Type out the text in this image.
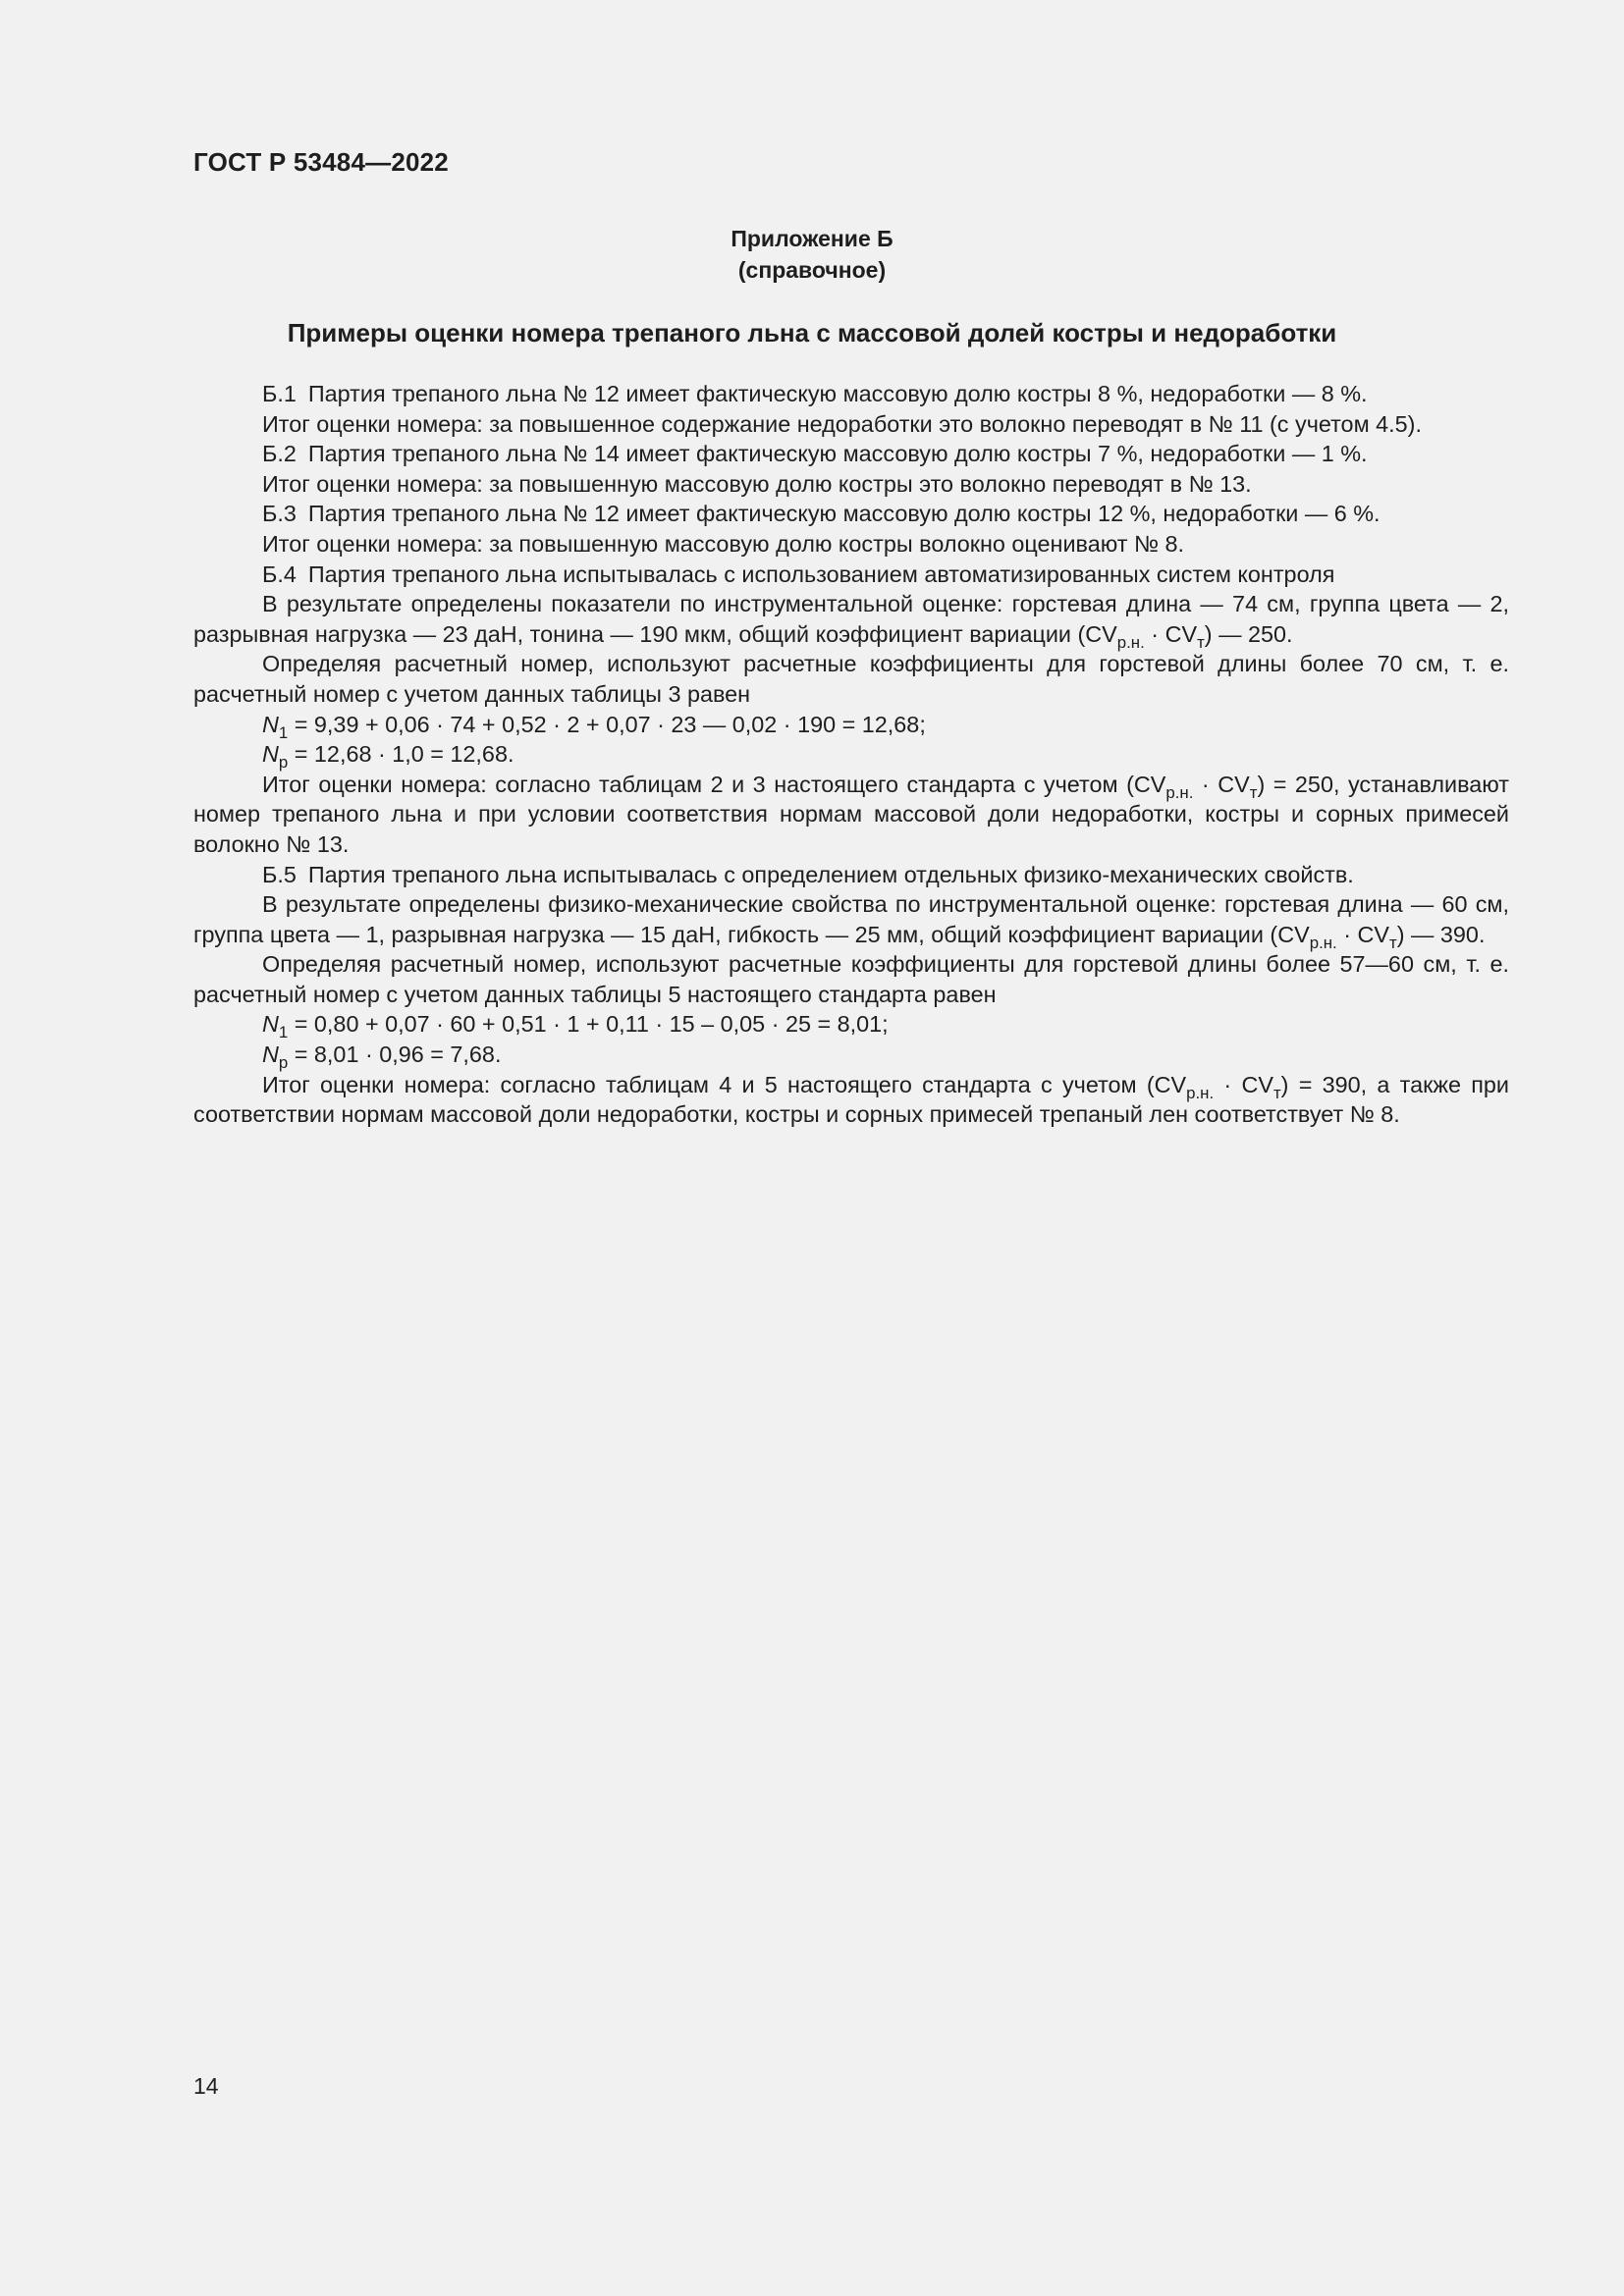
ГОСТ Р 53484—2022
Приложение Б
(справочное)
Примеры оценки номера трепаного льна с массовой долей костры и недоработки

Б.1 Партия трепаного льна № 12 имеет фактическую массовую долю костры 8 %, недоработки — 8 %.

Итог оценки номера: за повышенное содержание недоработки это волокно переводят в № 11 (с учетом 4.5).

Б.2 Партия трепаного льна № 14 имеет фактическую массовую долю костры 7 %, недоработки — 1 %.

Итог оценки номера: за повышенную массовую долю костры это волокно переводят в № 13.

Б.3 Партия трепаного льна № 12 имеет фактическую массовую долю костры 12 %, недоработки — 6 %.

Итог оценки номера: за повышенную массовую долю костры волокно оценивают № 8.

Б.4 Партия трепаного льна испытывалась с использованием автоматизированных систем контроля

В результате определены показатели по инструментальной оценке: горстевая длина — 74 см, группа цвета — 2, разрывная нагрузка — 23 даН, тонина — 190 мкм, общий коэффициент вариации $(CV_{р.н.} \cdot CV_т)$ — 250.

Определяя расчетный номер, используют расчетные коэффициенты для горстевой длины более 70 см, т. е. расчетный номер с учетом данных таблицы 3 равен

$N_1 = 9,39 + 0,06 \cdot 74 + 0,52 \cdot 2 + 0,07 \cdot 23$ — 0,02 · 190 = 12,68;

$N_р = 12,68 \cdot 1,0 = 12,68$.

Итог оценки номера: согласно таблицам 2 и 3 настоящего стандарта с учетом $(CV_{р.н.} \cdot CV_т) = 250$, устанавливают номер трепаного льна и при условии соответствия нормам массовой доли недоработки, костры и сорных примесей волокно № 13.

Б.5 Партия трепаного льна испытывалась с определением отдельных физико-механических свойств.

В результате определены физико-механические свойства по инструментальной оценке: горстевая длина — 60 см, группа цвета — 1, разрывная нагрузка — 15 даН, гибкость — 25 мм, общий коэффициент вариации $(CV_{р.н.} \cdot CV_т)$ — 390.

Определяя расчетный номер, используют расчетные коэффициенты для горстевой длины более 57—60 см, т. е. расчетный номер с учетом данных таблицы 5 настоящего стандарта равен

$N_1 = 0,80 + 0,07 \cdot 60 + 0,51 \cdot 1 + 0,11 \cdot 15 - 0,05 \cdot 25 = 8,01$;

$N_р = 8,01 \cdot 0,96 = 7,68$.

Итог оценки номера: согласно таблицам 4 и 5 настоящего стандарта с учетом $(CV_{р.н.} \cdot CV_т) = 390$, а также при соответствии нормам массовой доли недоработки, костры и сорных примесей трепаный лен соответствует № 8.

14
